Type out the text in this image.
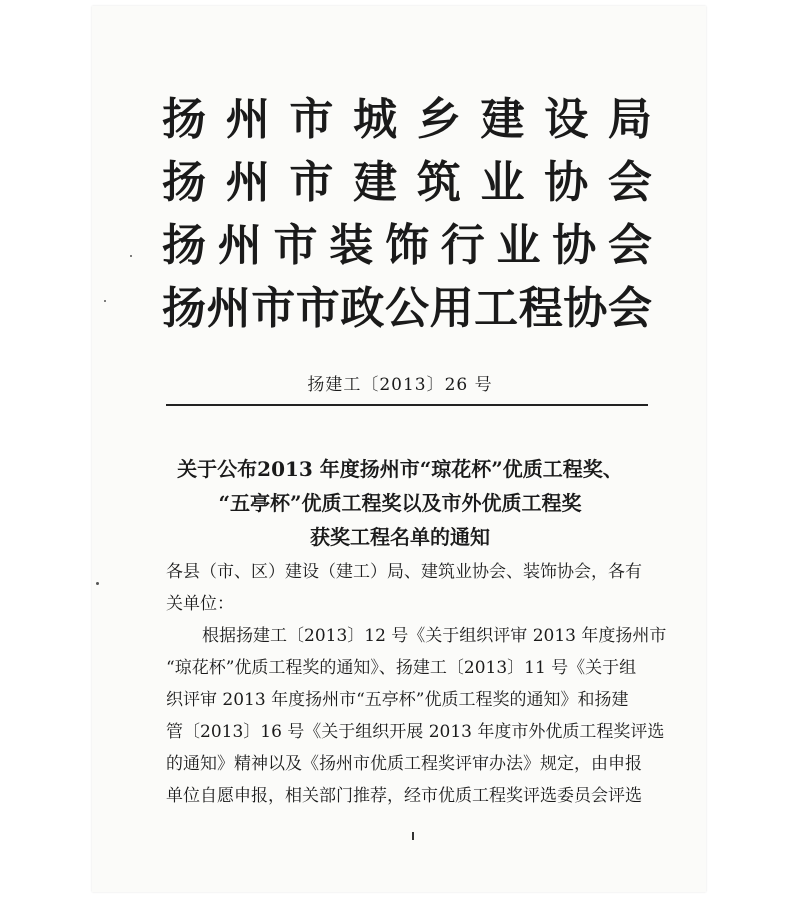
扬 州 市 城 乡 建 设 局
扬 州 市 建 筑 业 协 会
扬 州 市 装 饰 行 业 协 会
扬 州 市 市 政 公 用 工 程 协 会
扬建工〔2013〕26 号
关于公布2013 年度扬州市“琼花杯”优质工程奖、
“五亭杯”优质工程奖以及市外优质工程奖
获奖工程名单的通知
各县（市、区）建设（建工）局、建筑业协会、装饰协会，各有
关单位：
根据扬建工〔2013〕12 号《关于组织评审 2013 年度扬州市
“琼花杯”优质工程奖的通知》、扬建工〔2013〕11 号《关于组
织评审 2013 年度扬州市“五亭杯”优质工程奖的通知》和扬建
管〔2013〕16 号《关于组织开展 2013 年度市外优质工程奖评选
的通知》精神以及《扬州市优质工程奖评审办法》规定，由申报
单位自愿申报，相关部门推荐，经市优质工程奖评选委员会评选
